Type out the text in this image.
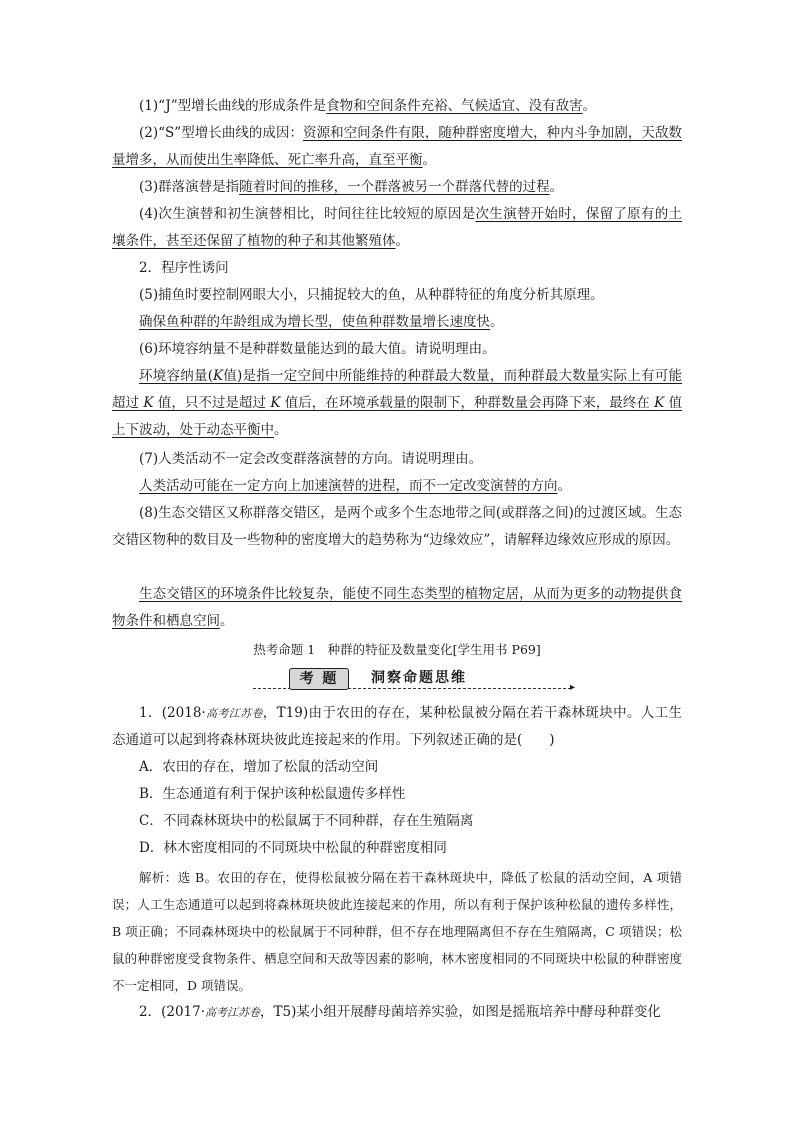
(1)“J”型增长曲线的形成条件是食物和空间条件充裕、气候适宜、没有敌害。
(2)“S”型增长曲线的成因：资源和空间条件有限，随种群密度增大，种内斗争加剧，天敌数量增多，从而使出生率降低、死亡率升高，直至平衡。
(3)群落演替是指随着时间的推移，一个群落被另一个群落代替的过程。
(4)次生演替和初生演替相比，时间往往比较短的原因是次生演替开始时，保留了原有的土壤条件，甚至还保留了植物的种子和其他繁殖体。
2．程序性诱问
(5)捕鱼时要控制网眼大小，只捕捉较大的鱼，从种群特征的角度分析其原理。
确保鱼种群的年龄组成为增长型，使鱼种群数量增长速度快。
(6)环境容纳量不是种群数量能达到的最大值。请说明理由。
环境容纳量(K值)是指一定空间中所能维持的种群最大数量，而种群最大数量实际上有可能超过 K 值，只不过是超过 K 值后，在环境承载量的限制下，种群数量会再降下来，最终在 K 值上下波动，处于动态平衡中。
(7)人类活动不一定会改变群落演替的方向。请说明理由。
人类活动可能在一定方向上加速演替的进程，而不一定改变演替的方向。
(8)生态交错区又称群落交错区，是两个或多个生态地带之间(或群落之间)的过渡区域。生态交错区物种的数目及一些物种的密度增大的趋势称为“边缘效应”，请解释边缘效应形成的原因。
生态交错区的环境条件比较复杂，能使不同生态类型的植物定居，从而为更多的动物提供食物条件和栖息空间。
热考命题 1　种群的特征及数量变化[学生用书 P69]
▸
考 题	洞察命题思维
1．(2018·高考江苏卷，T19)由于农田的存在，某种松鼠被分隔在若干森林斑块中。人工生态通道可以起到将森林斑块彼此连接起来的作用。下列叙述正确的是(　　)
A．农田的存在，增加了松鼠的活动空间
B．生态通道有利于保护该种松鼠遗传多样性
C．不同森林斑块中的松鼠属于不同种群，存在生殖隔离
D．林木密度相同的不同斑块中松鼠的种群密度相同
解析：选 B。农田的存在，使得松鼠被分隔在若干森林斑块中，降低了松鼠的活动空间，A 项错误；人工生态通道可以起到将森林斑块彼此连接起来的作用，所以有利于保护该种松鼠的遗传多样性，B 项正确；不同森林斑块中的松鼠属于不同种群，但不存在地理隔离但不存在生殖隔离，C 项错误；松鼠的种群密度受食物条件、栖息空间和天敌等因素的影响，林木密度相同的不同斑块中松鼠的种群密度不一定相同，D 项错误。
2．(2017·高考江苏卷，T5)某小组开展酵母菌培养实验，如图是摇瓶培养中酵母种群变化
